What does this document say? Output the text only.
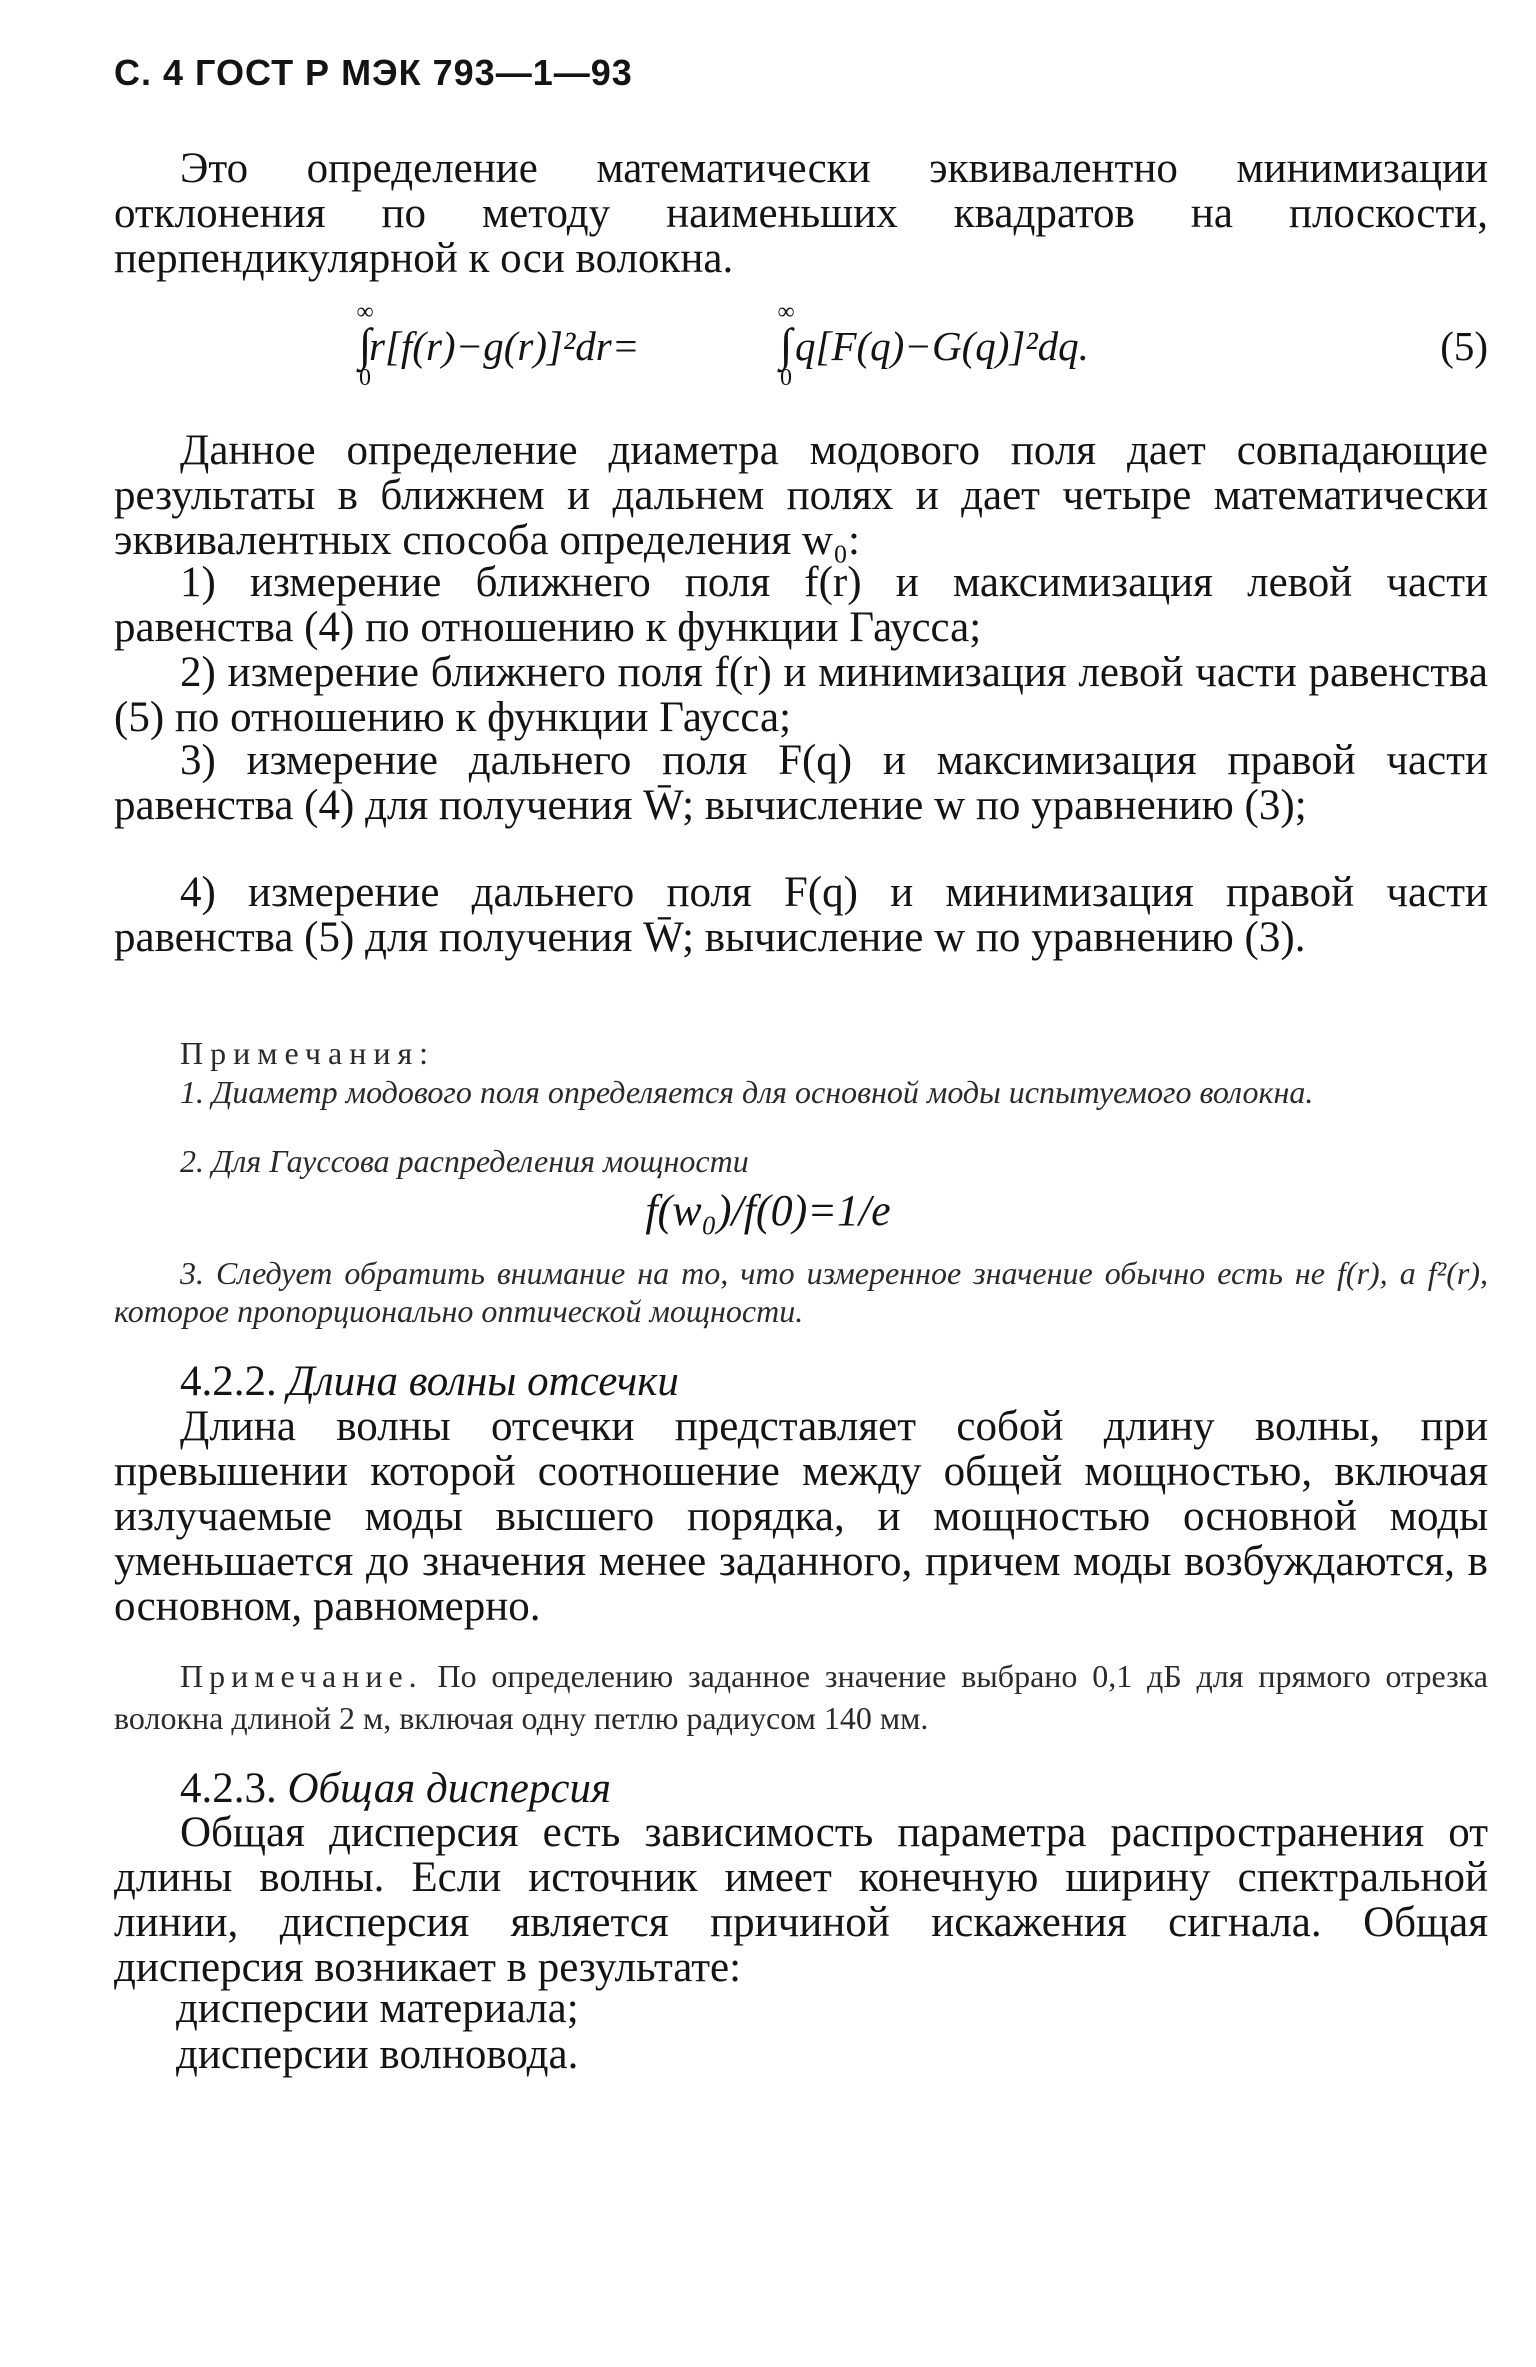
С. 4 ГОСТ Р МЭК 793—1—93
Это определение математически эквивалентно минимизации отклонения по методу наименьших квадратов на плоскости, перпендикулярной к оси волокна.
∞
∫
0
r[f(r)−g(r)]²dr=
∞
∫
0
q[F(q)−G(q)]²dq.	(5)
Данное определение диаметра модового поля дает совпадающие результаты в ближнем и дальнем полях и дает четыре математически эквивалентных способа определения w₀:
1) измерение ближнего поля f(r) и максимизация левой части равенства (4) по отношению к функции Гаусса;
2) измерение ближнего поля f(r) и минимизация левой части равенства (5) по отношению к функции Гаусса;
3) измерение дальнего поля F(q) и максимизация правой части равенства (4) для получения W̄; вычисление w по уравнению (3);
4) измерение дальнего поля F(q) и минимизация правой части равенства (5) для получения W̄; вычисление w по уравнению (3).
Примечания:
1. Диаметр модового поля определяется для основной моды испытуемого волокна.
2. Для Гауссова распределения мощности
f(w₀)/f(0)=1/e
3. Следует обратить внимание на то, что измеренное значение обычно есть не f(r), а f²(r), которое пропорционально оптической мощности.
4.2.2. Длина волны отсечки
Длина волны отсечки представляет собой длину волны, при превышении которой соотношение между общей мощностью, включая излучаемые моды высшего порядка, и мощностью основной моды уменьшается до значения менее заданного, причем моды возбуждаются, в основном, равномерно.
Примечание. По определению заданное значение выбрано 0,1 дБ для прямого отрезка волокна длиной 2 м, включая одну петлю радиусом 140 мм.
4.2.3. Общая дисперсия
Общая дисперсия есть зависимость параметра распространения от длины волны. Если источник имеет конечную ширину спектральной линии, дисперсия является причиной искажения сигнала. Общая дисперсия возникает в результате:
дисперсии материала;
дисперсии волновода.
